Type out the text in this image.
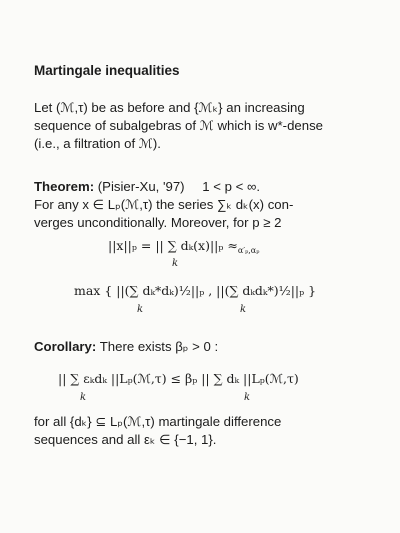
Martingale inequalities
Let (ℳ,τ) be as before and {ℳₖ} an increasing
sequence of subalgebras of ℳ which is w*-dense
(i.e., a filtration of ℳ).
Theorem: (Pisier-Xu, '97) 1 < p < ∞.
For any x ∈ Lₚ(ℳ,τ) the series ∑ₖ dₖ(x) con-
verges unconditionally. Moreover, for p ≥ 2
||x||ₚ = || ∑ $d_k(x)||_p \approx_{\alpha'_p,\alpha_p}$
k
max { ||(∑ dₖ*dₖ)½||ₚ , ||(∑ dₖdₖ*)½||ₚ }
k	k
Corollary: There exists βₚ > 0 :
|| ∑ εₖdₖ ||Lₚ(ℳ,τ) ≤ βₚ || ∑ dₖ ||Lₚ(ℳ,τ)
k	k
for all {dₖ} ⊆ Lₚ(ℳ,τ) martingale difference
sequences and all εₖ ∈ {−1, 1}.
